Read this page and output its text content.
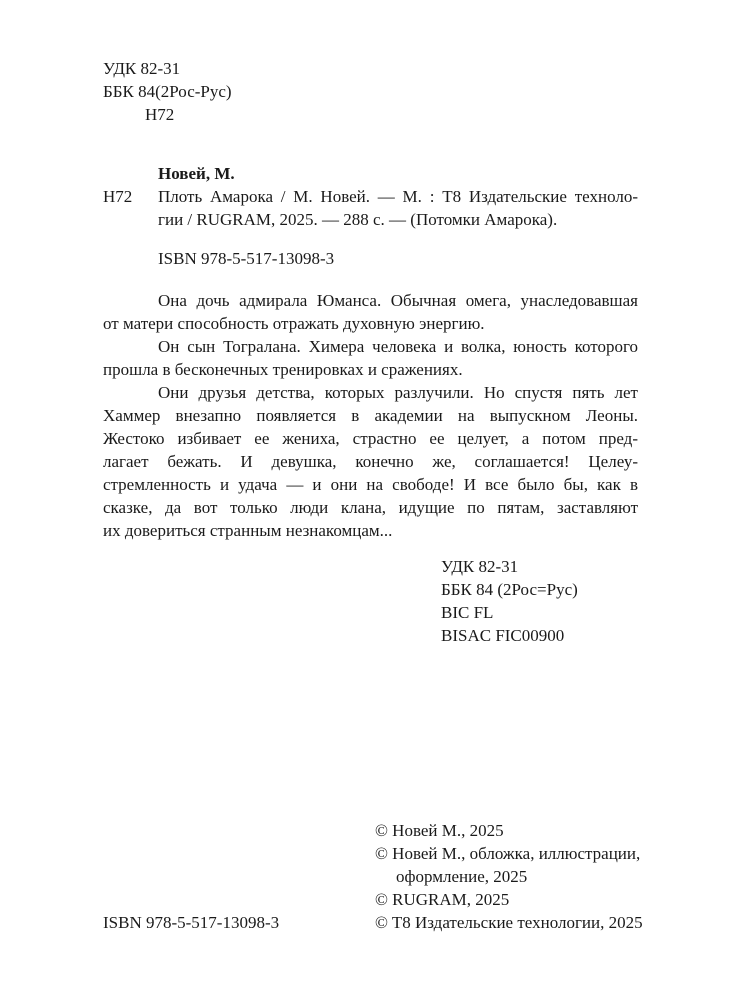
УДК 82-31
ББК 84(2Рос-Рус)
Н72
Новей, М.
Н72 Плоть Амарока / М. Новей. — М. : T8 Издательские техноло-
гии / RUGRAM, 2025. — 288 с. — (Потомки Амарока).
ISBN 978-5-517-13098-3
Она дочь адмирала Юманса. Обычная омега, унаследовавшая
от матери способность отражать духовную энергию.
Он сын Тогралана. Химера человека и волка, юность которого
прошла в бесконечных тренировках и сражениях.
Они друзья детства, которых разлучили. Но спустя пять лет
Хаммер внезапно появляется в академии на выпускном Леоны.
Жестоко избивает ее жениха, страстно ее целует, а потом пред-
лагает бежать. И девушка, конечно же, соглашается! Целеу-
стремленность и удача — и они на свободе! И все было бы, как в
сказке, да вот только люди клана, идущие по пятам, заставляют
их довериться странным незнакомцам...
УДК 82-31
ББК 84 (2Рос=Рус)
BIC FL
BISAC FIC00900
© Новей М., 2025
© Новей М., обложка, иллюстрации,
оформление, 2025
© RUGRAM, 2025
© T8 Издательские технологии, 2025
ISBN 978-5-517-13098-3
